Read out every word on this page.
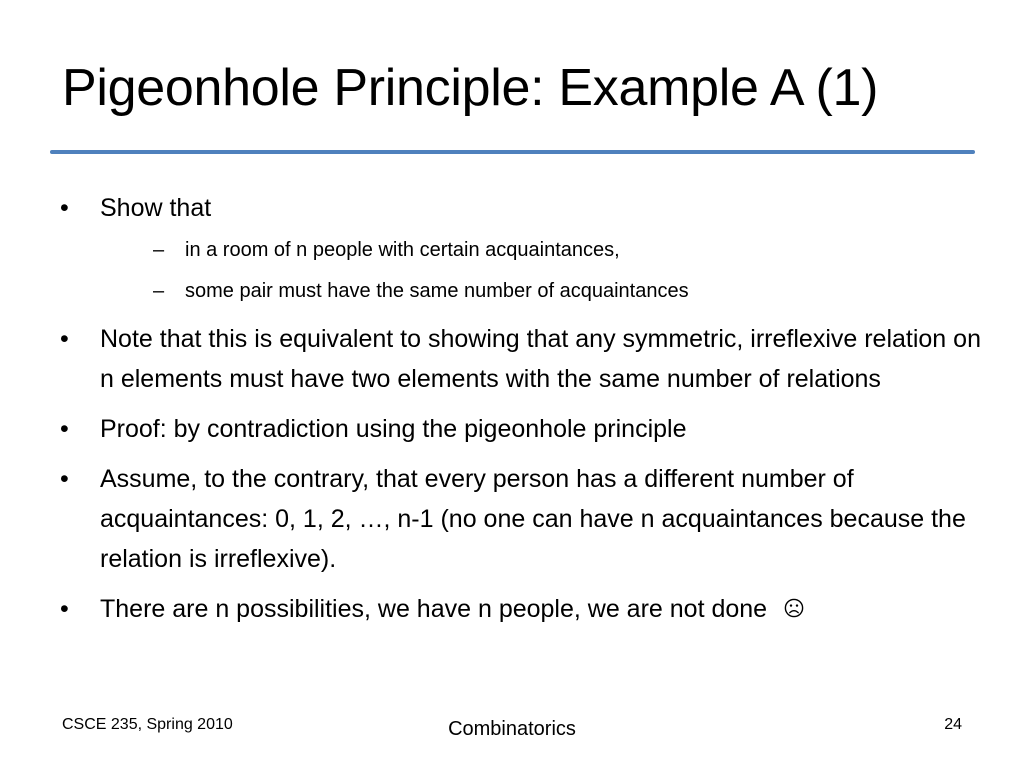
Pigeonhole Principle: Example A (1)
• Show that
– in a room of n people with certain acquaintances,
– some pair must have the same number of acquaintances
• Note that this is equivalent to showing that any symmetric, irreflexive relation on n elements must have two elements with the same number of relations
• Proof: by contradiction using the pigeonhole principle
• Assume, to the contrary, that every person has a different number of acquaintances: 0, 1, 2, …, n-1 (no one can have n acquaintances because the relation is irreflexive).
• There are n possibilities, we have n people, we are not done
CSCE 235, Spring 2010	Combinatorics	24
